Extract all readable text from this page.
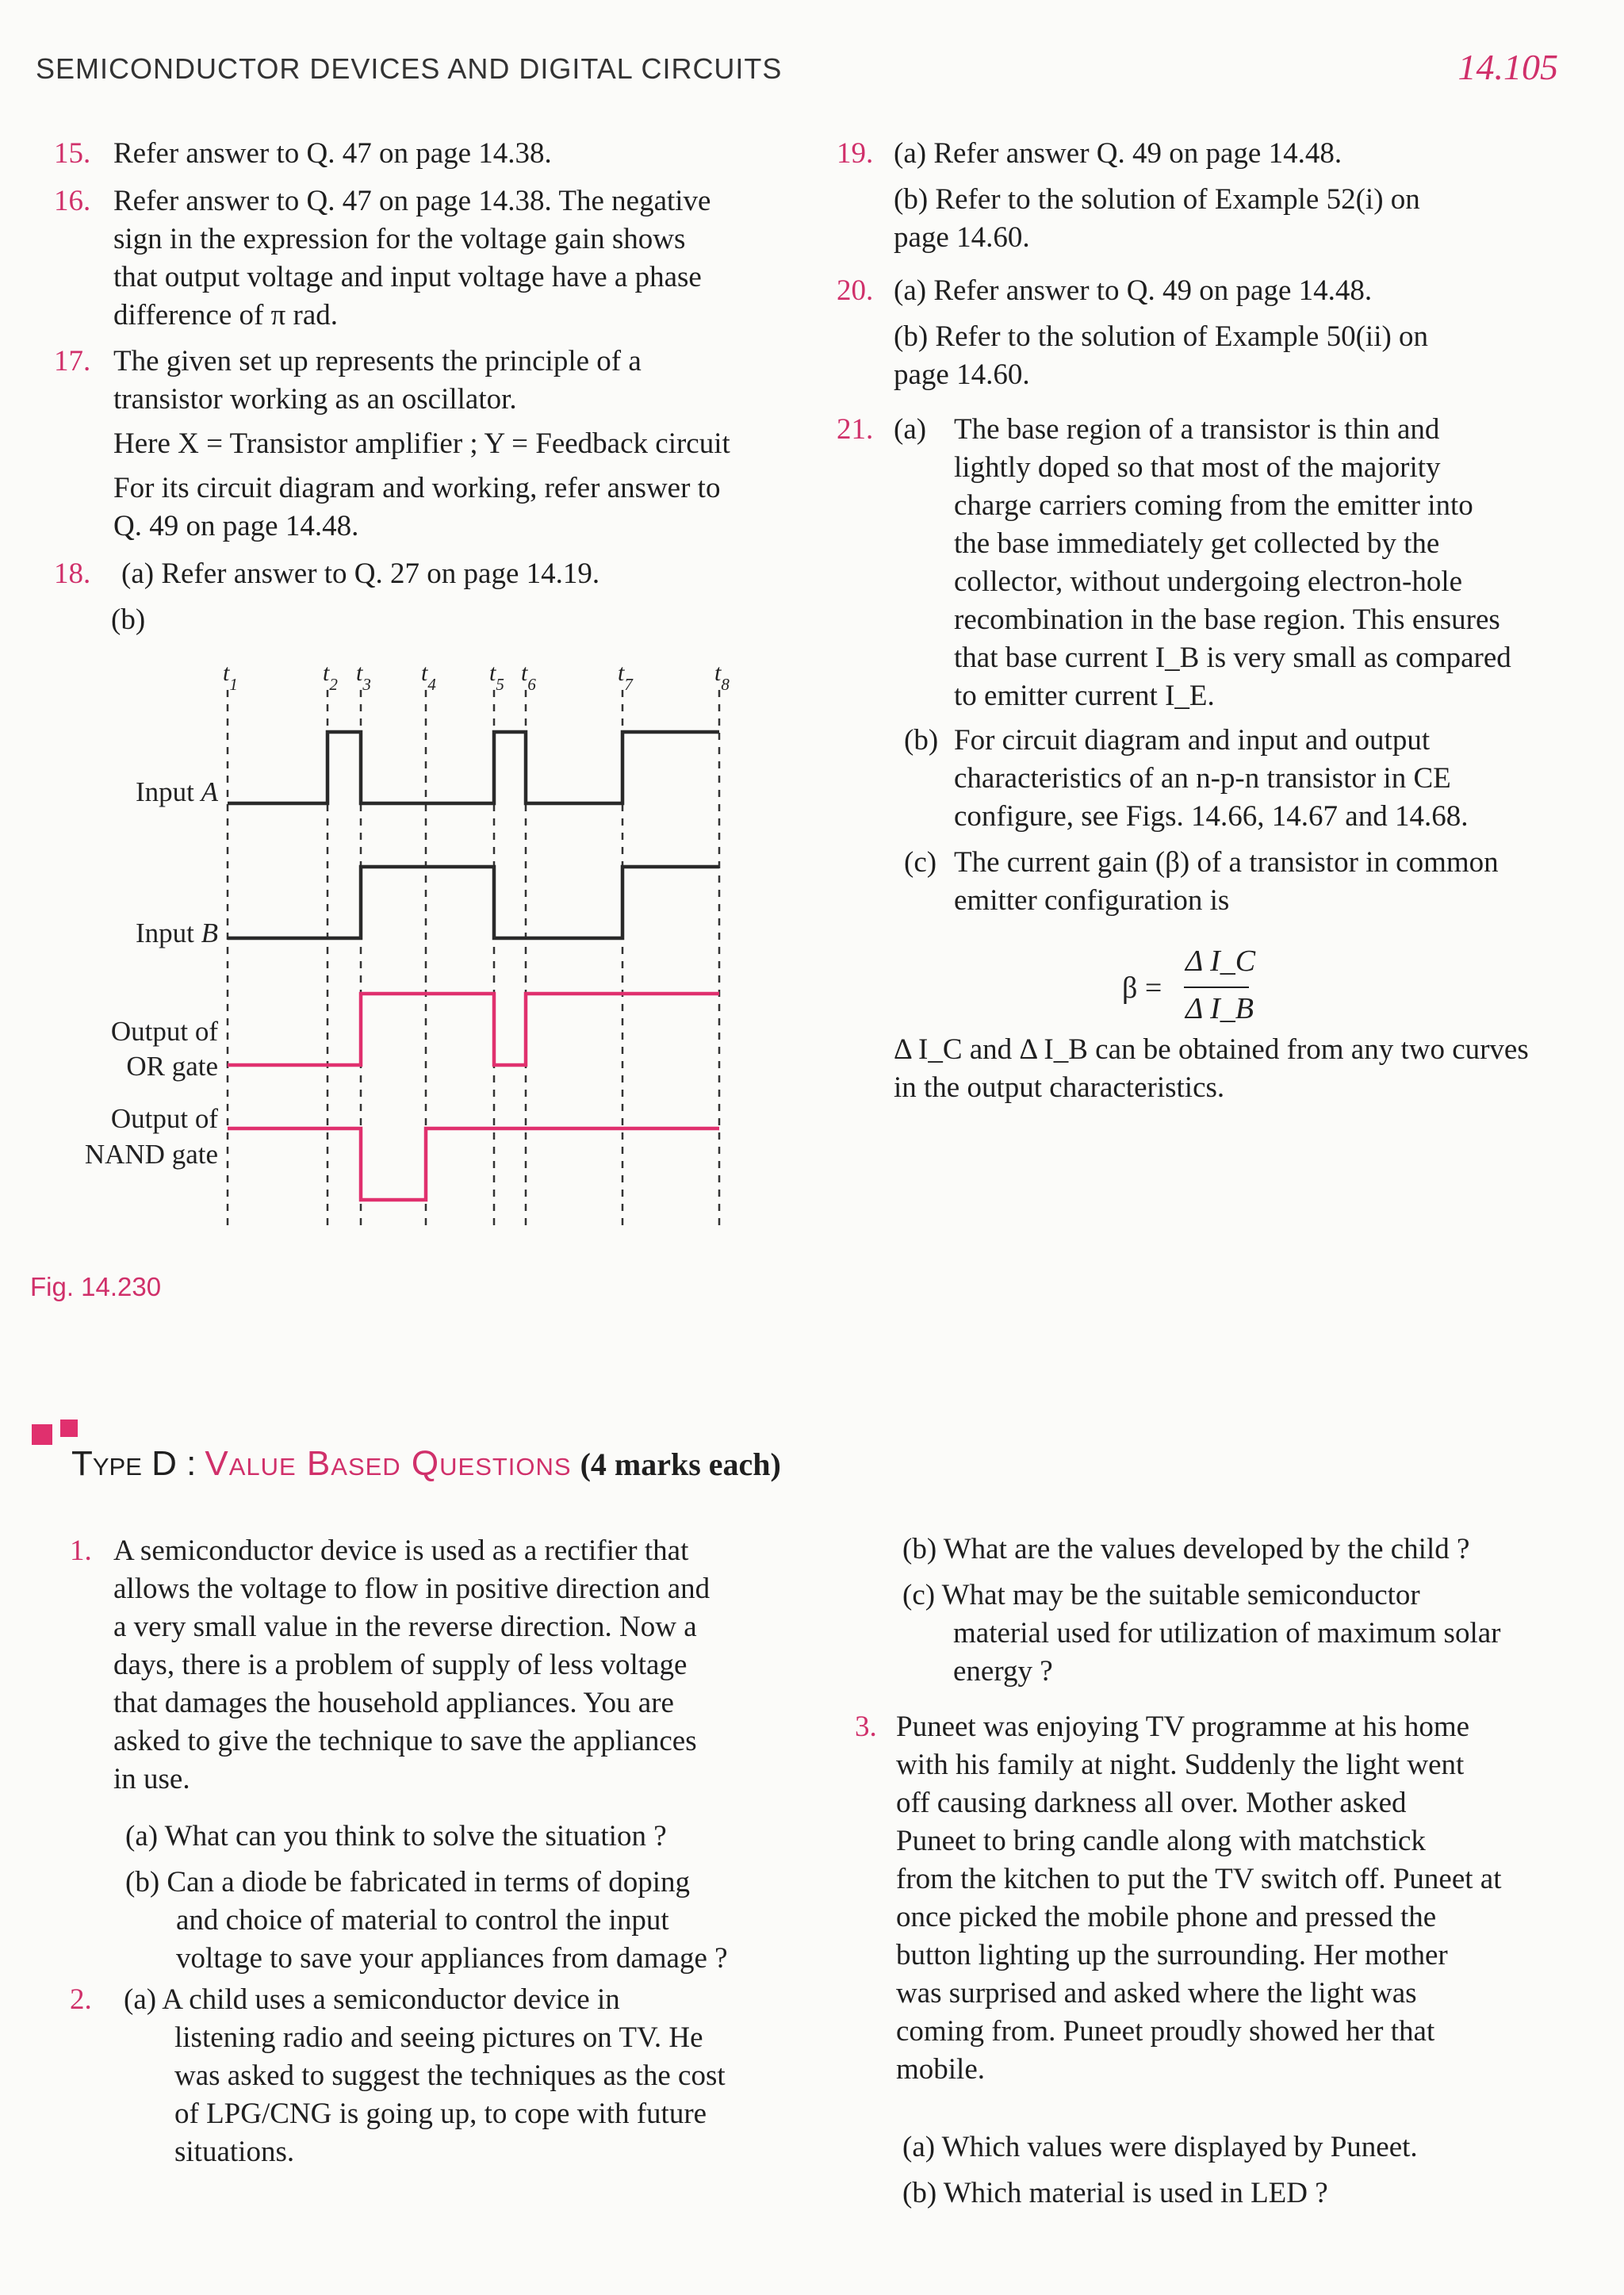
SEMICONDUCTOR DEVICES AND DIGITAL CIRCUITS	14.105
15. Refer answer to Q. 47 on page 14.38.

16. Refer answer to Q. 47 on page 14.38. The negative

sign in the expression for the voltage gain shows

that output voltage and input voltage have a phase

difference of π rad.

17. The given set up represents the principle of a

transistor working as an oscillator.

Here X = Transistor amplifier ; Y = Feedback circuit

For its circuit diagram and working, refer answer to

Q. 49 on page 14.48.

18. (a) Refer answer to Q. 27 on page 14.19.

(b)

$t_1$	$t_2$ $t_3$ $t_4$ $t_5$ $t_6$	$t_7$	$t_8$
Input A
Input B
Output of
OR gate
Output of
NAND gate
Fig. 14.230
19. (a) Refer answer Q. 49 on page 14.48.

(b) Refer to the solution of Example 52(i) on

page 14.60.

20. (a) Refer answer to Q. 49 on page 14.48.

(b) Refer to the solution of Example 50(ii) on

page 14.60.

21. (a) The base region of a transistor is thin and

lightly doped so that most of the majority

charge carriers coming from the emitter into

the base immediately get collected by the

collector, without undergoing electron-hole

recombination in the base region. This ensures

that base current I_B is very small as compared

to emitter current I_E.

(b) For circuit diagram and input and output

characteristics of an n-p-n transistor in CE

configure, see Figs. 14.66, 14.67 and 14.68.

(c) The current gain (β) of a transistor in common

emitter configuration is

β =
Δ I_C
Δ I_B

Δ I_C and Δ I_B can be obtained from any two curves

in the output characteristics.

Type D : Value Based Questions (4 marks each)
1. A semiconductor device is used as a rectifier that

allows the voltage to flow in positive direction and

a very small value in the reverse direction. Now a

days, there is a problem of supply of less voltage

that damages the household appliances. You are

asked to give the technique to save the appliances

in use.

(a) What can you think to solve the situation ?

(b) Can a diode be fabricated in terms of doping

and choice of material to control the input

voltage to save your appliances from damage ?

2. (a) A child uses a semiconductor device in

listening radio and seeing pictures on TV. He

was asked to suggest the techniques as the cost

of LPG/CNG is going up, to cope with future

situations.

(b) What are the values developed by the child ?

(c) What may be the suitable semiconductor

material used for utilization of maximum solar

energy ?

3. Puneet was enjoying TV programme at his home

with his family at night. Suddenly the light went

off causing darkness all over. Mother asked

Puneet to bring candle along with matchstick

from the kitchen to put the TV switch off. Puneet at

once picked the mobile phone and pressed the

button lighting up the surrounding. Her mother

was surprised and asked where the light was

coming from. Puneet proudly showed her that

mobile.

(a) Which values were displayed by Puneet.

(b) Which material is used in LED ?
